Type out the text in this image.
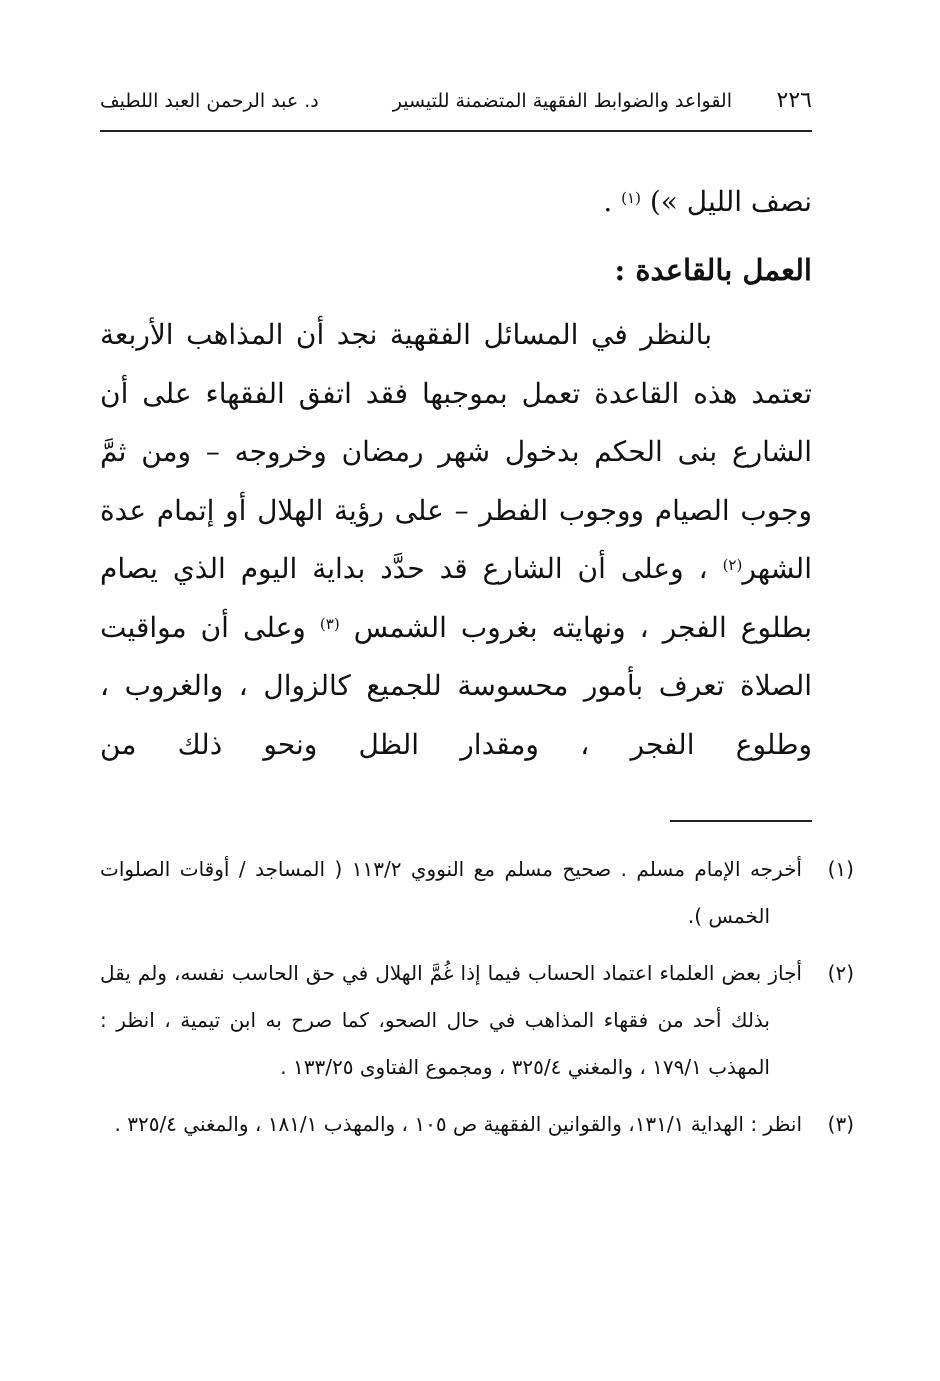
٢٢٦
القواعد والضوابط الفقهية المتضمنة للتيسير
د. عبد الرحمن العبد اللطيف
نصف الليل ») $^{(١)}$ .
العمل بالقاعدة :
بالنظر في المسائل الفقهية نجد أن المذاهب الأربعة تعتمد هذه القاعدة تعمل بموجبها فقد اتفق الفقهاء على أن الشارع بنى الحكم بدخول شهر رمضان وخروجه – ومن ثمَّ وجوب الصيام ووجوب الفطر – على رؤية الهلال أو إتمام عدة الشهر$^{(٢)}$ ، وعلى أن الشارع قد حدَّد بداية اليوم الذي يصام بطلوع الفجر ، ونهايته بغروب الشمس $^{(٣)}$ وعلى أن مواقيت الصلاة تعرف بأمور محسوسة للجميع كالزوال ، والغروب ، وطلوع الفجر ، ومقدار الظل ونحو ذلك من
(١)أخرجه الإمام مسلم . صحيح مسلم مع النووي ١١٣/٢ ( المساجد / أوقات الصلوات الخمس ).
(٢)أجاز بعض العلماء اعتماد الحساب فيما إذا غُمَّ الهلال في حق الحاسب نفسه، ولم يقل بذلك أحد من فقهاء المذاهب في حال الصحو، كما صرح به ابن تيمية ، انظر : المهذب ١٧٩/١ ، والمغني ٣٢٥/٤ ، ومجموع الفتاوى ١٣٣/٢٥ .
(٣)انظر : الهداية ١٣١/١، والقوانين الفقهية ص ١٠٥ ، والمهذب ١٨١/١ ، والمغني ٣٢٥/٤ .
